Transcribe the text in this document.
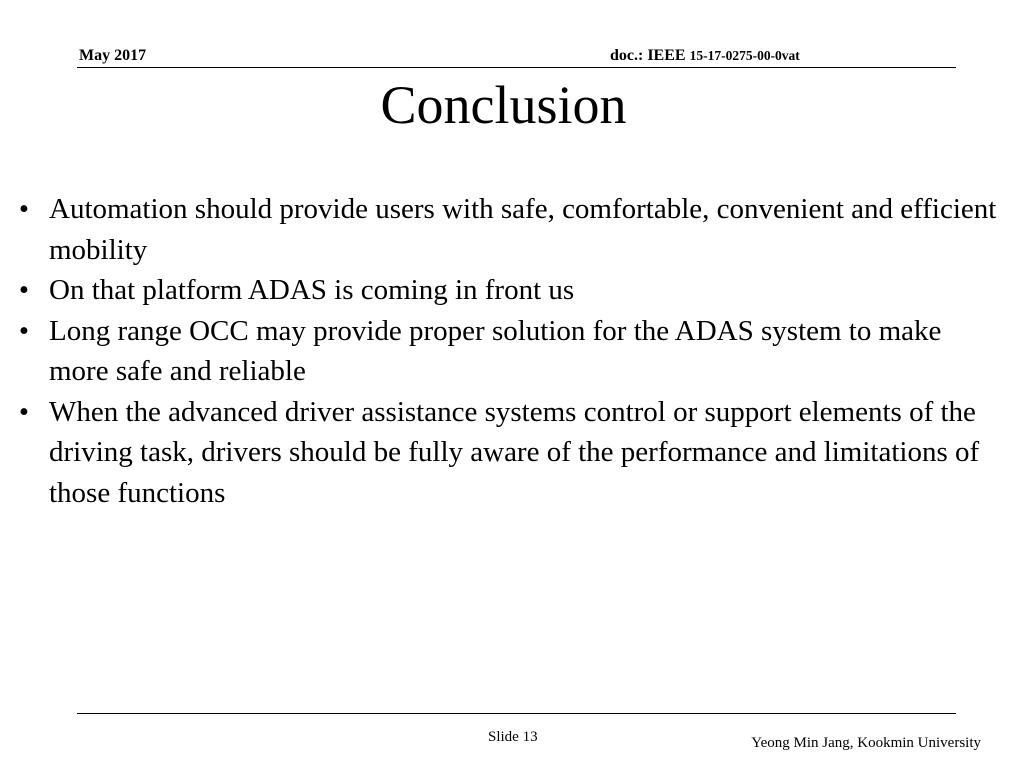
May 2017	doc.: IEEE 15-17-0275-00-0vat
Conclusion
• Automation should provide users with safe, comfortable, convenient and efficient mobility
• On that platform ADAS is coming in front us
• Long range OCC may provide proper solution for the ADAS system to make more safe and reliable
• When the advanced driver assistance systems control or support elements of the driving task, drivers should be fully aware of the performance and limitations of those functions
Slide 13	Yeong Min Jang, Kookmin University
